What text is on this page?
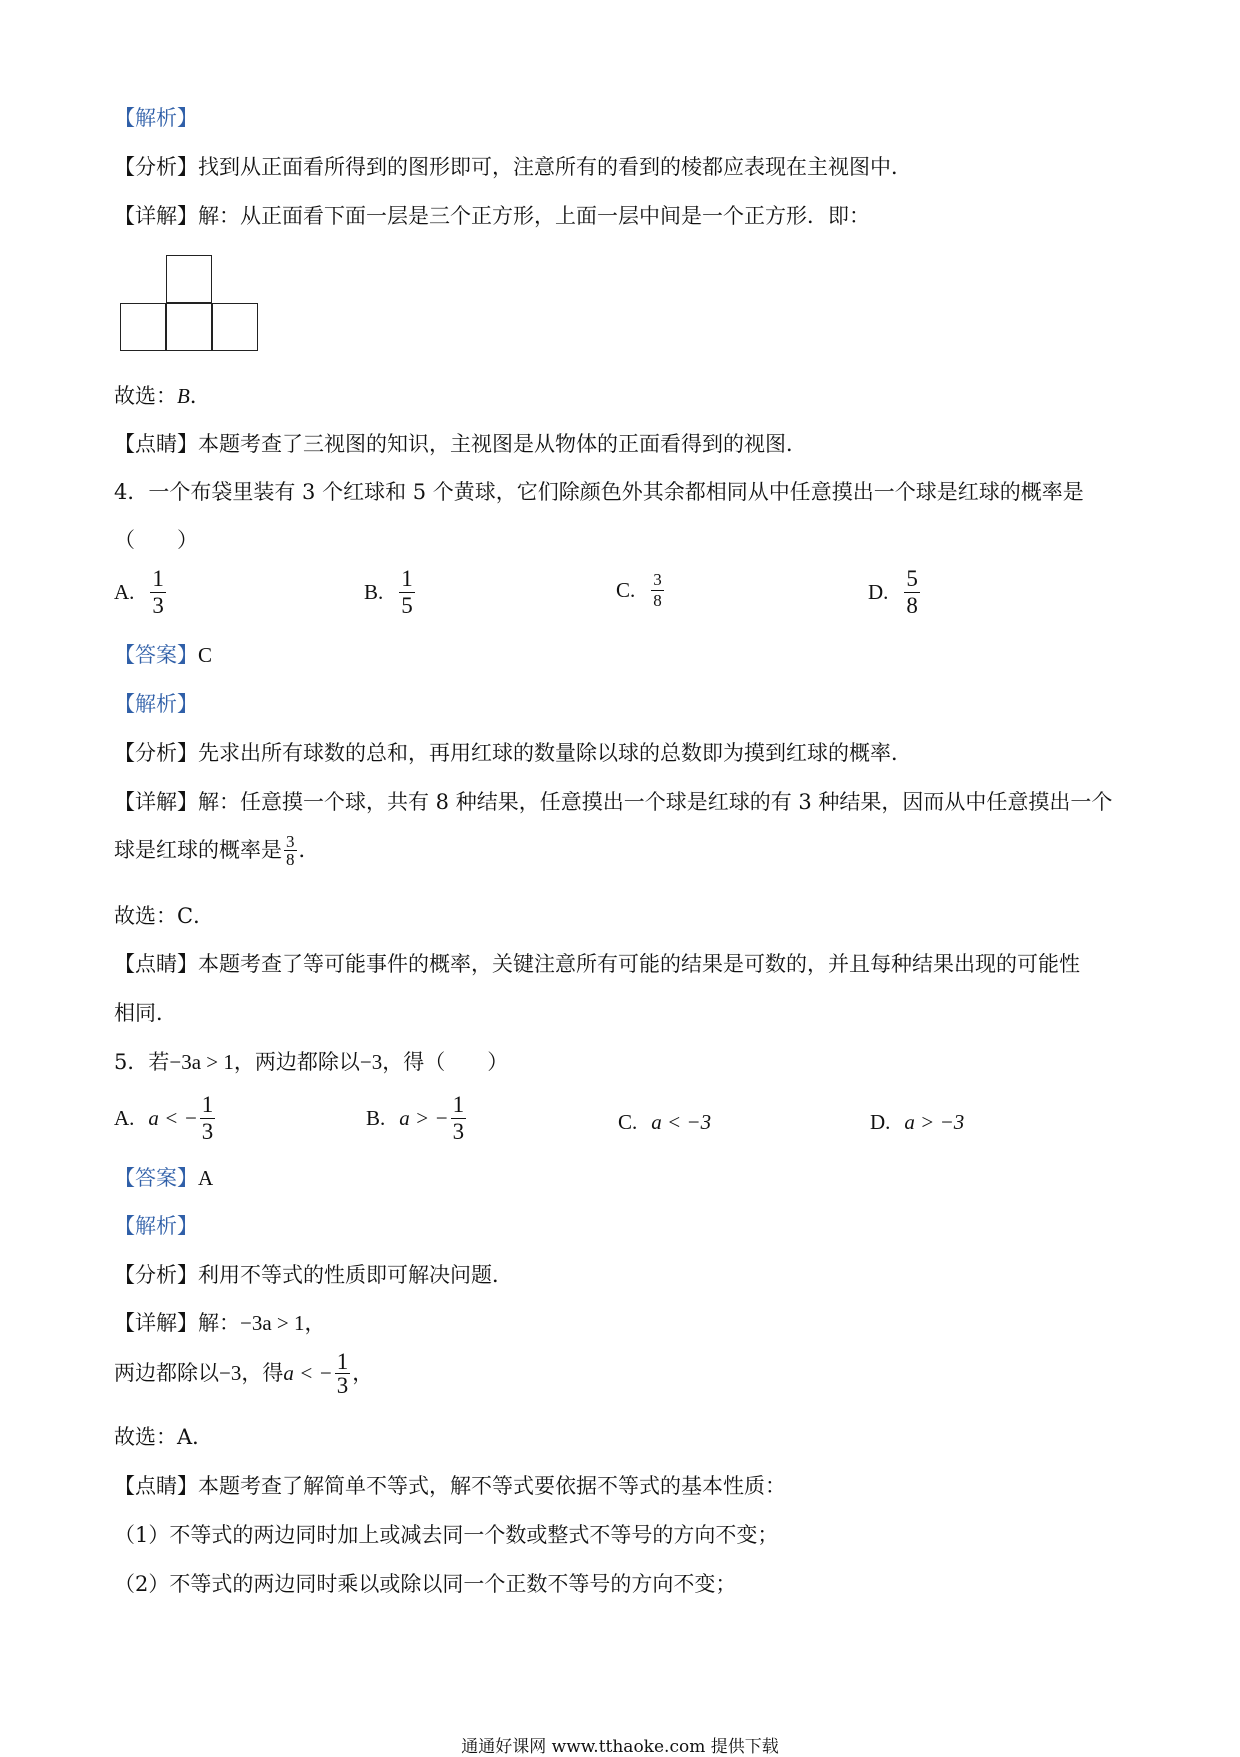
【解析】
【分析】找到从正面看所得到的图形即可，注意所有的看到的棱都应表现在主视图中．
【详解】解：从正面看下面一层是三个正方形，上面一层中间是一个正方形．即：
故选：B．
【点睛】本题考查了三视图的知识，主视图是从物体的正面看得到的视图．
4．一个布袋里装有 3 个红球和 5 个黄球，它们除颜色外其余都相同从中任意摸出一个球是红球的概率是
（　　）
A. $\frac{1}{3}$	B. $\frac{1}{5}$	C. $\frac{3}{8}$	D. $\frac{5}{8}$
【答案】C
【解析】
【分析】先求出所有球数的总和，再用红球的数量除以球的总数即为摸到红球的概率．
【详解】解：任意摸一个球，共有 8 种结果，任意摸出一个球是红球的有 3 种结果，因而从中任意摸出一个
球是红球的概率是 $\frac{3}{8}$ ．
故选：C．
【点睛】本题考查了等可能事件的概率，关键注意所有可能的结果是可数的，并且每种结果出现的可能性
相同．
5．若−3a > 1，两边都除以−3，得（　　）
A. a < − $\frac{1}{3}$	B. a > − $\frac{1}{3}$	C. a < −3	D. a > −3
【答案】A
【解析】
【分析】利用不等式的性质即可解决问题．
【详解】解：−3a > 1，
两边都除以 −3 ，得 a < − $\frac{1}{3}$ ，
故选：A．
【点睛】本题考查了解简单不等式，解不等式要依据不等式的基本性质：
（1）不等式的两边同时加上或减去同一个数或整式不等号的方向不变；
（2）不等式的两边同时乘以或除以同一个正数不等号的方向不变；
通通好课网 www.tthaoke.com 提供下载
